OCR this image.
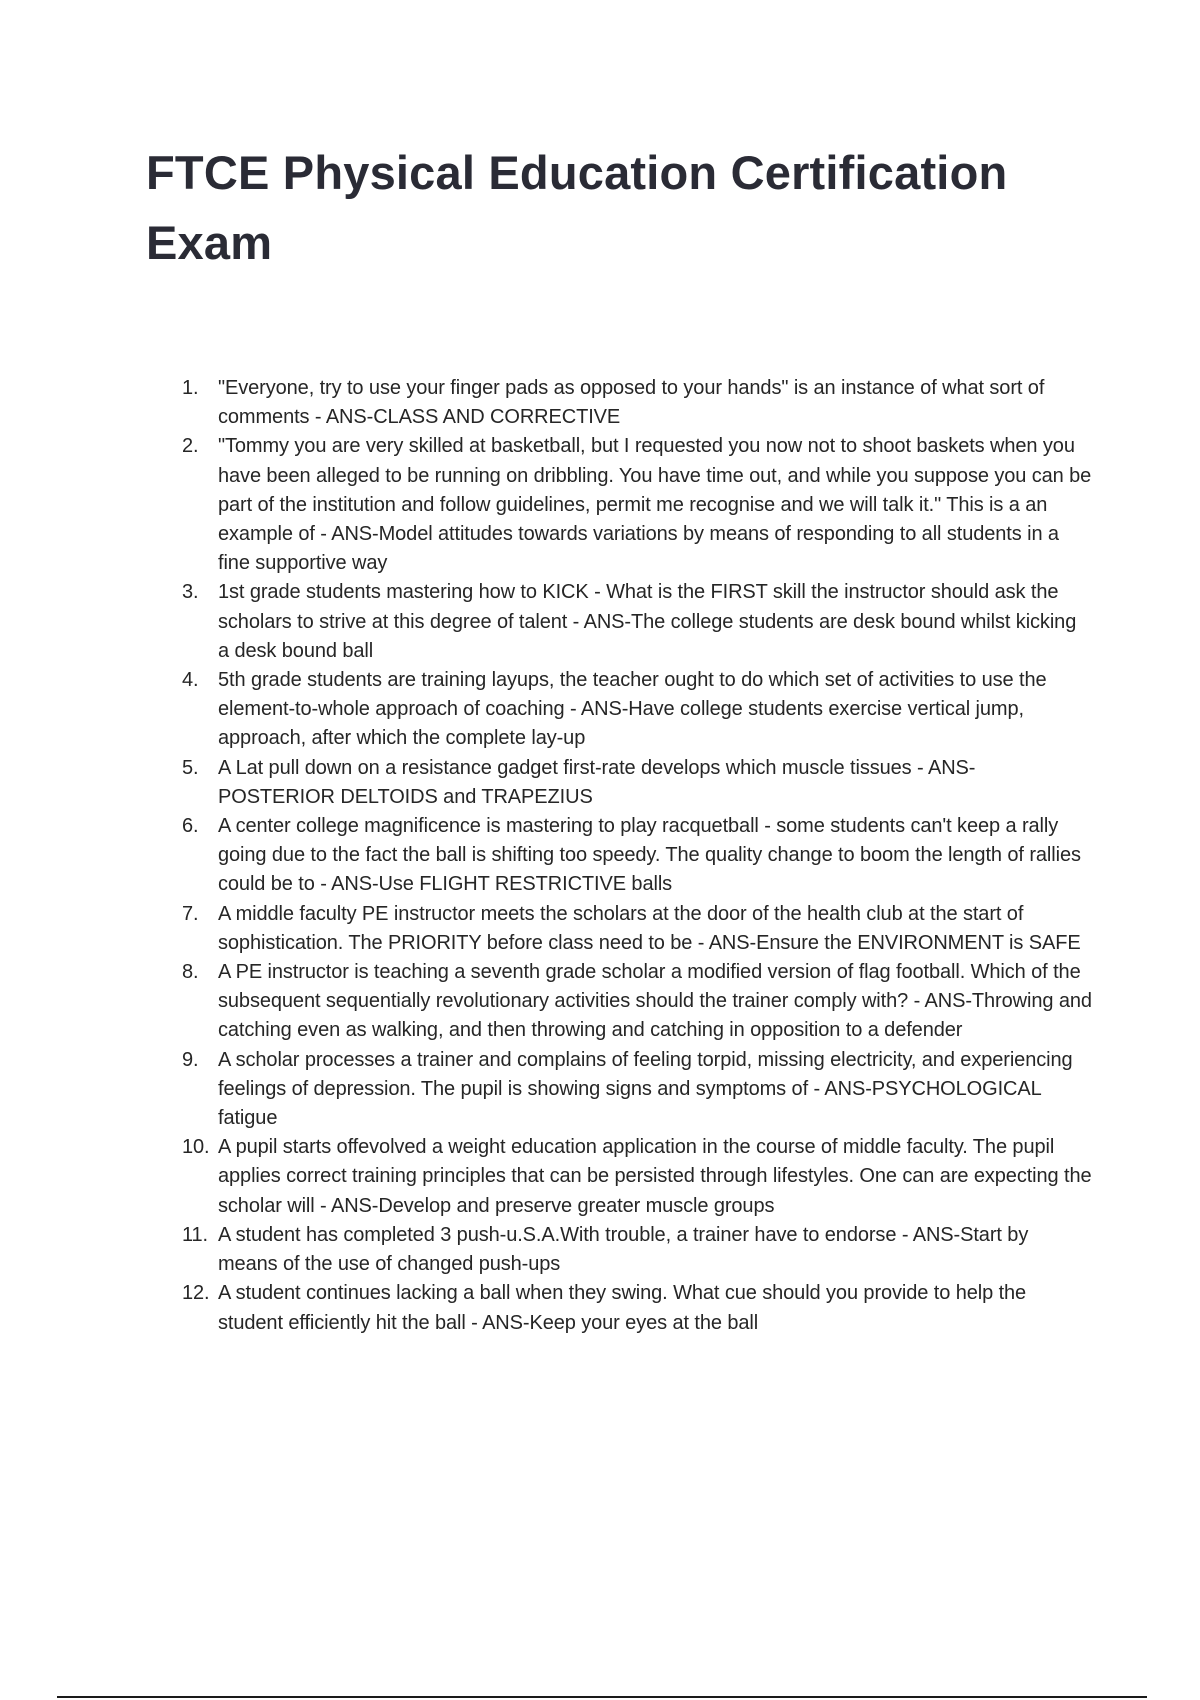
FTCE Physical Education Certification Exam
1. "Everyone, try to use your finger pads as opposed to your hands" is an instance of what sort of comments - ANS-CLASS AND CORRECTIVE
2. "Tommy you are very skilled at basketball, but I requested you now not to shoot baskets when you have been alleged to be running on dribbling. You have time out, and while you suppose you can be part of the institution and follow guidelines, permit me recognise and we will talk it." This is a an example of - ANS-Model attitudes towards variations by means of responding to all students in a fine supportive way
3. 1st grade students mastering how to KICK - What is the FIRST skill the instructor should ask the scholars to strive at this degree of talent - ANS-The college students are desk bound whilst kicking a desk bound ball
4. 5th grade students are training layups, the teacher ought to do which set of activities to use the element-to-whole approach of coaching - ANS-Have college students exercise vertical jump, approach, after which the complete lay-up
5. A Lat pull down on a resistance gadget first-rate develops which muscle tissues - ANS-POSTERIOR DELTOIDS and TRAPEZIUS
6. A center college magnificence is mastering to play racquetball - some students can't keep a rally going due to the fact the ball is shifting too speedy. The quality change to boom the length of rallies could be to - ANS-Use FLIGHT RESTRICTIVE balls
7. A middle faculty PE instructor meets the scholars at the door of the health club at the start of sophistication. The PRIORITY before class need to be - ANS-Ensure the ENVIRONMENT is SAFE
8. A PE instructor is teaching a seventh grade scholar a modified version of flag football. Which of the subsequent sequentially revolutionary activities should the trainer comply with? - ANS-Throwing and catching even as walking, and then throwing and catching in opposition to a defender
9. A scholar processes a trainer and complains of feeling torpid, missing electricity, and experiencing feelings of depression. The pupil is showing signs and symptoms of - ANS-PSYCHOLOGICAL fatigue
10. A pupil starts offevolved a weight education application in the course of middle faculty. The pupil applies correct training principles that can be persisted through lifestyles. One can are expecting the scholar will - ANS-Develop and preserve greater muscle groups
11. A student has completed 3 push-u.S.A.With trouble, a trainer have to endorse - ANS-Start by means of the use of changed push-ups
12. A student continues lacking a ball when they swing. What cue should you provide to help the student efficiently hit the ball - ANS-Keep your eyes at the ball
